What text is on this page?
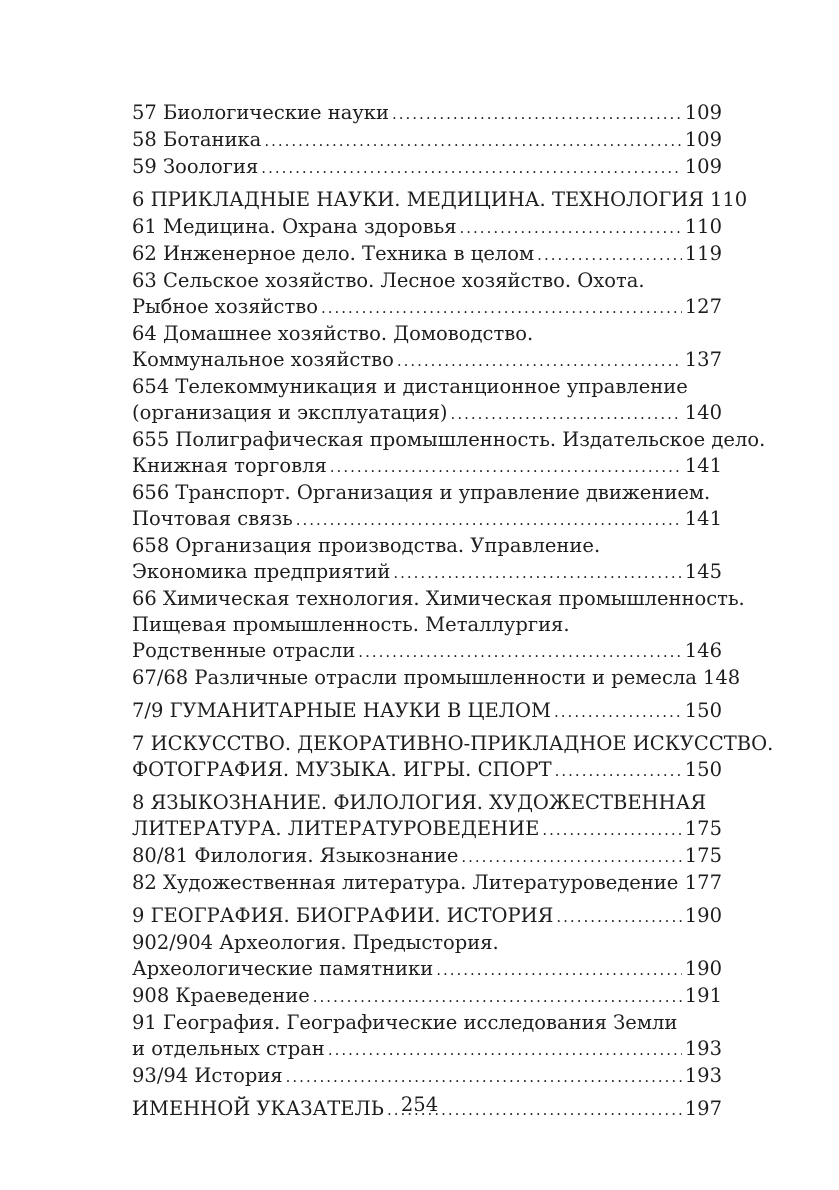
57 Биологические науки .....	109
58 Ботаника .....	109
59 Зоология .....	109
6 ПРИКЛАДНЫЕ НАУКИ. МЕДИЦИНА. ТЕХНОЛОГИЯ 110
61 Медицина. Охрана здоровья .....	110
62 Инженерное дело. Техника в целом .....	119
63 Сельское хозяйство. Лесное хозяйство. Охота.
Рыбное хозяйство .....	127
64 Домашнее хозяйство. Домоводство.
Коммунальное хозяйство .....	137
654 Телекоммуникация и дистанционное управление
(организация и эксплуатация) .....	140
655 Полиграфическая промышленность. Издательское дело.
Книжная торговля .....	141
656 Транспорт. Организация и управление движением.
Почтовая связь .....	141
658 Организация производства. Управление.
Экономика предприятий .....	145
66 Химическая технология. Химическая промышленность.
Пищевая промышленность. Металлургия.
Родственные отрасли .....	146
67/68 Различные отрасли промышленности и ремесла 148
7/9 ГУМАНИТАРНЫЕ НАУКИ В ЦЕЛОМ .....	150
7 ИСКУССТВО. ДЕКОРАТИВНО-ПРИКЛАДНОЕ ИСКУССТВО.
ФОТОГРАФИЯ. МУЗЫКА. ИГРЫ. СПОРТ .....	150
8 ЯЗЫКОЗНАНИЕ. ФИЛОЛОГИЯ. ХУДОЖЕСТВЕННАЯ
ЛИТЕРАТУРА. ЛИТЕРАТУРОВЕДЕНИЕ .....	175
80/81 Филология. Языкознание .....	175
82 Художественная литература. Литературоведение ..... 177
9 ГЕОГРАФИЯ. БИОГРАФИИ. ИСТОРИЯ .....	190
902/904 Археология. Предыстория.
Археологические памятники .....	190
908 Краеведение .....	191
91 География. Географические исследования Земли
и отдельных стран .....	193
93/94 История .....	193
ИМЕННОЙ УКАЗАТЕЛЬ .....	197
254
